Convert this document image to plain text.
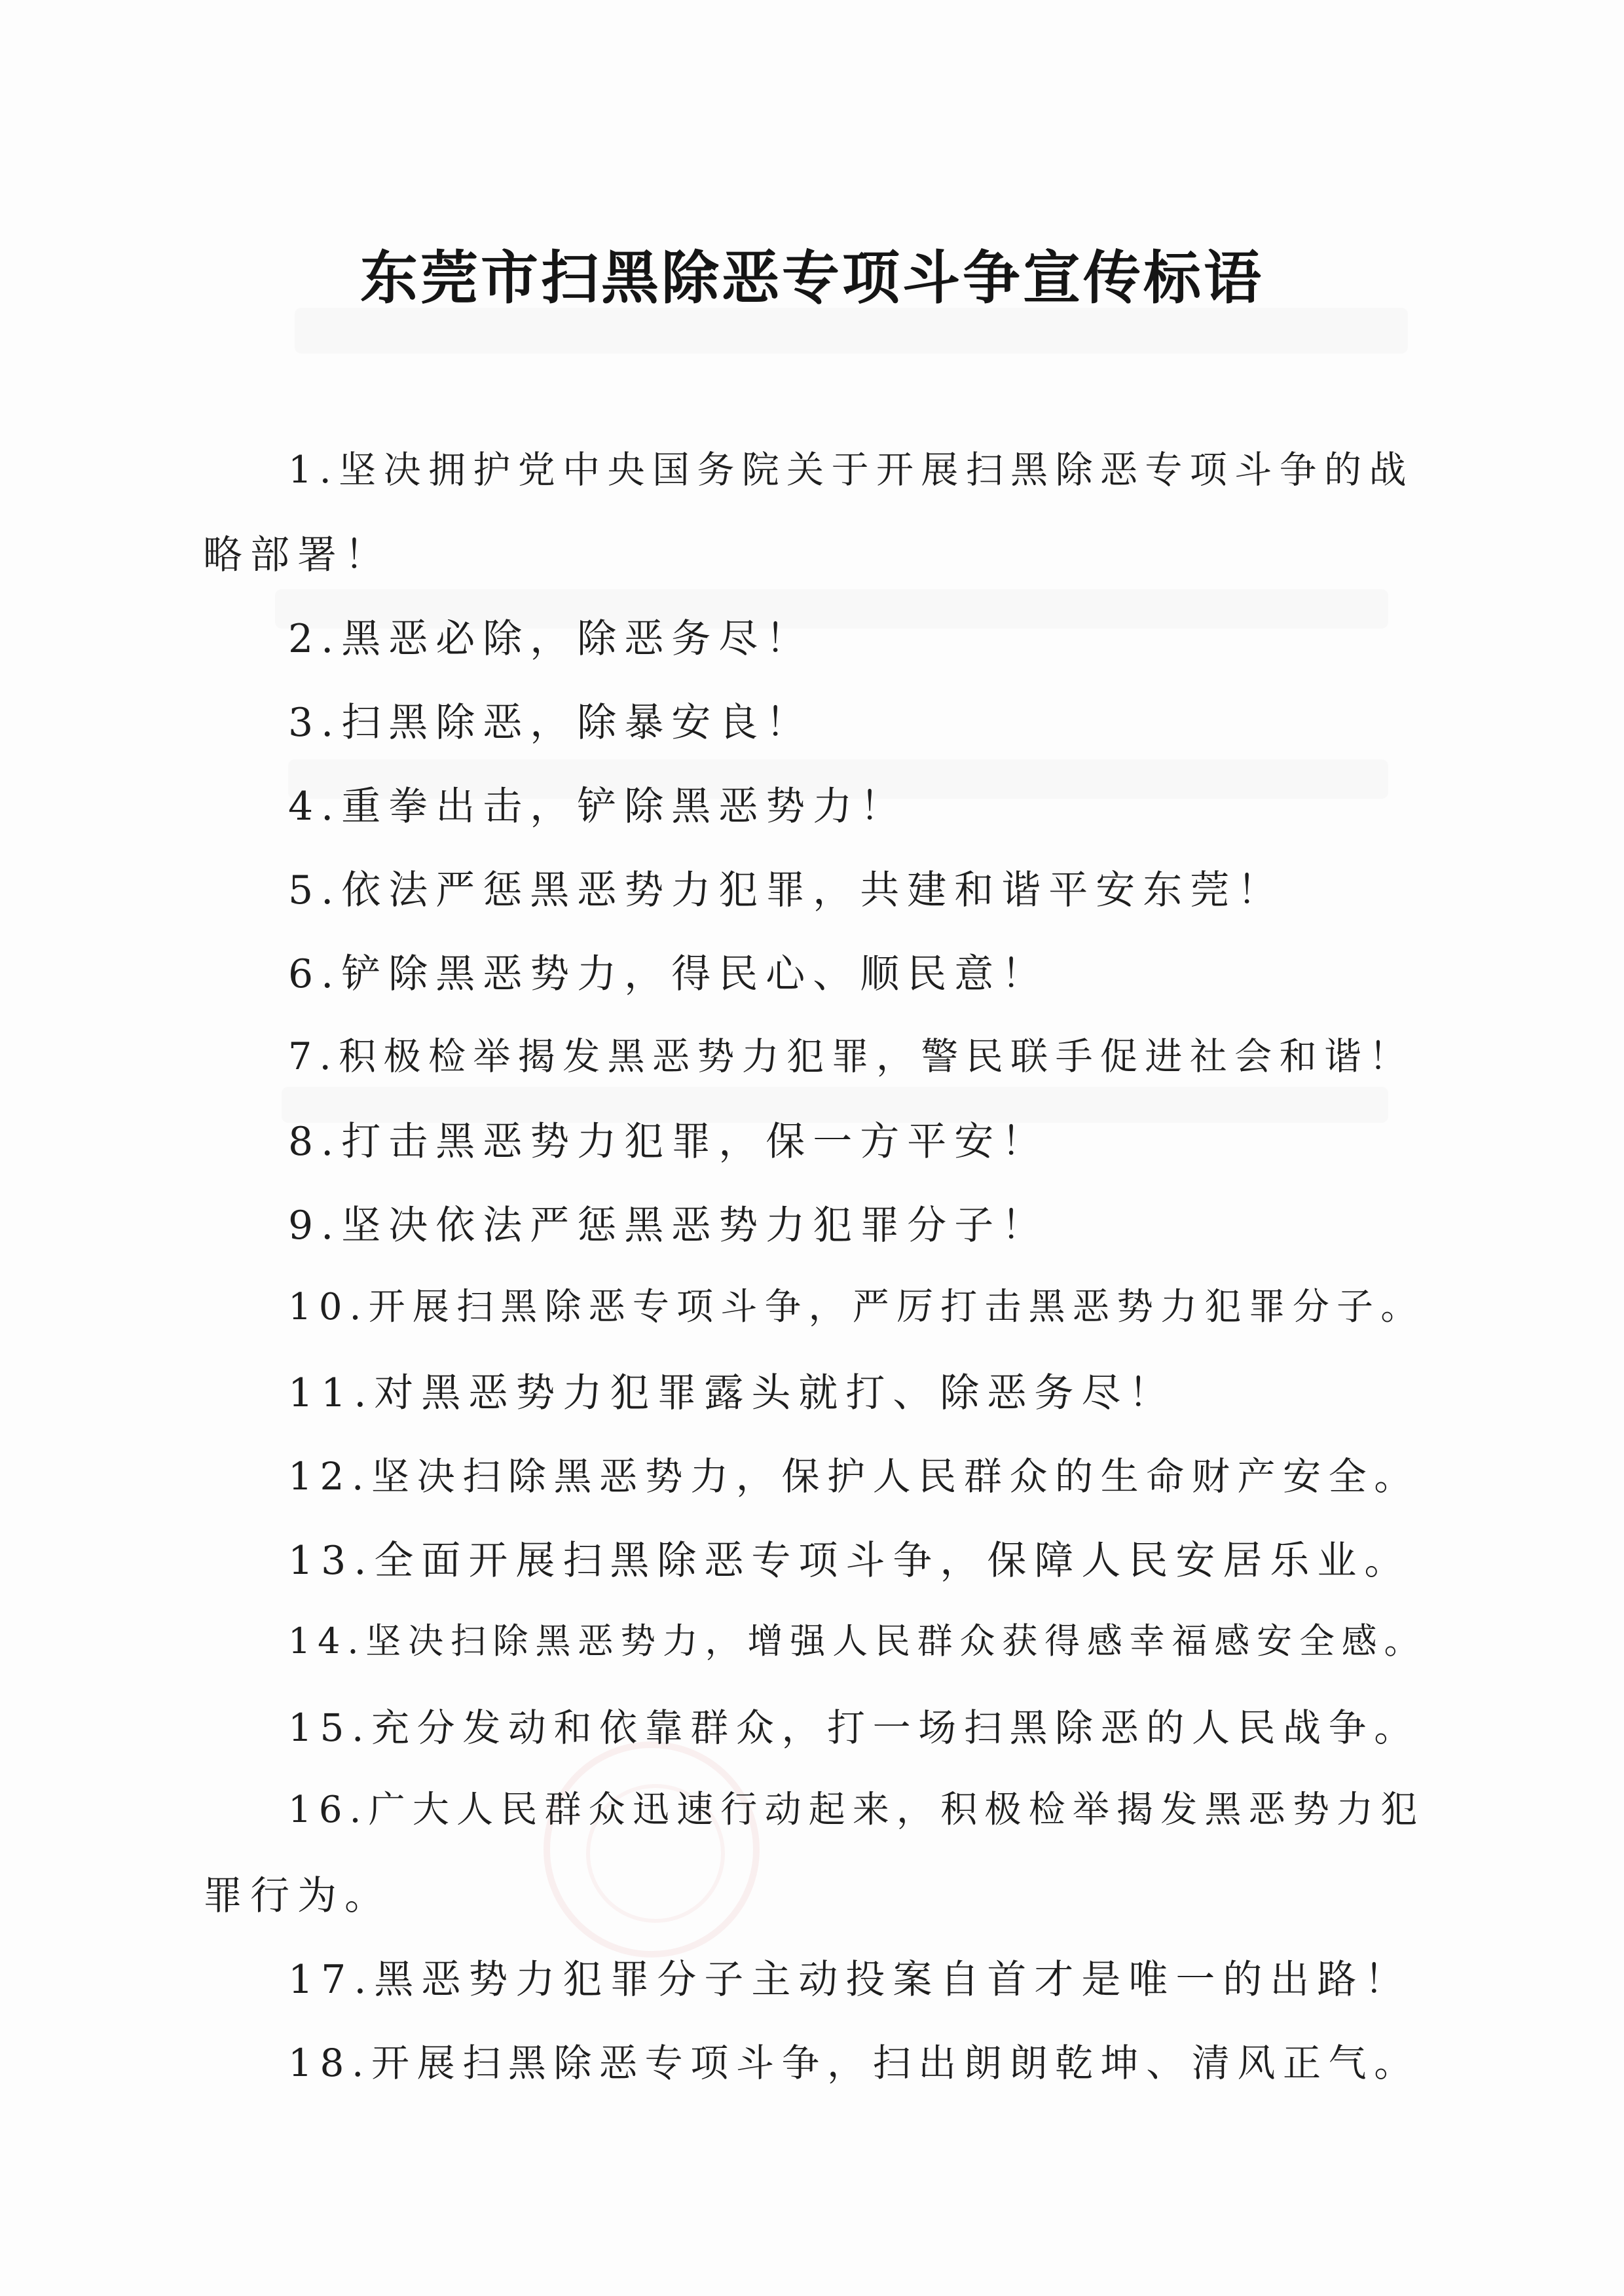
东莞市扫黑除恶专项斗争宣传标语
1.坚决拥护党中央国务院关于开展扫黑除恶专项斗争的战
略部署！
2.黑恶必除，除恶务尽！
3.扫黑除恶，除暴安良！
4.重拳出击，铲除黑恶势力！
5.依法严惩黑恶势力犯罪，共建和谐平安东莞！
6.铲除黑恶势力，得民心、顺民意！
7.积极检举揭发黑恶势力犯罪，警民联手促进社会和谐！
8.打击黑恶势力犯罪，保一方平安！
9.坚决依法严惩黑恶势力犯罪分子！
10.开展扫黑除恶专项斗争，严厉打击黑恶势力犯罪分子。
11.对黑恶势力犯罪露头就打、除恶务尽！
12.坚决扫除黑恶势力，保护人民群众的生命财产安全。
13.全面开展扫黑除恶专项斗争，保障人民安居乐业。
14.坚决扫除黑恶势力，增强人民群众获得感幸福感安全感。
15.充分发动和依靠群众，打一场扫黑除恶的人民战争。
16.广大人民群众迅速行动起来，积极检举揭发黑恶势力犯
罪行为。
17.黑恶势力犯罪分子主动投案自首才是唯一的出路！
18.开展扫黑除恶专项斗争，扫出朗朗乾坤、清风正气。
